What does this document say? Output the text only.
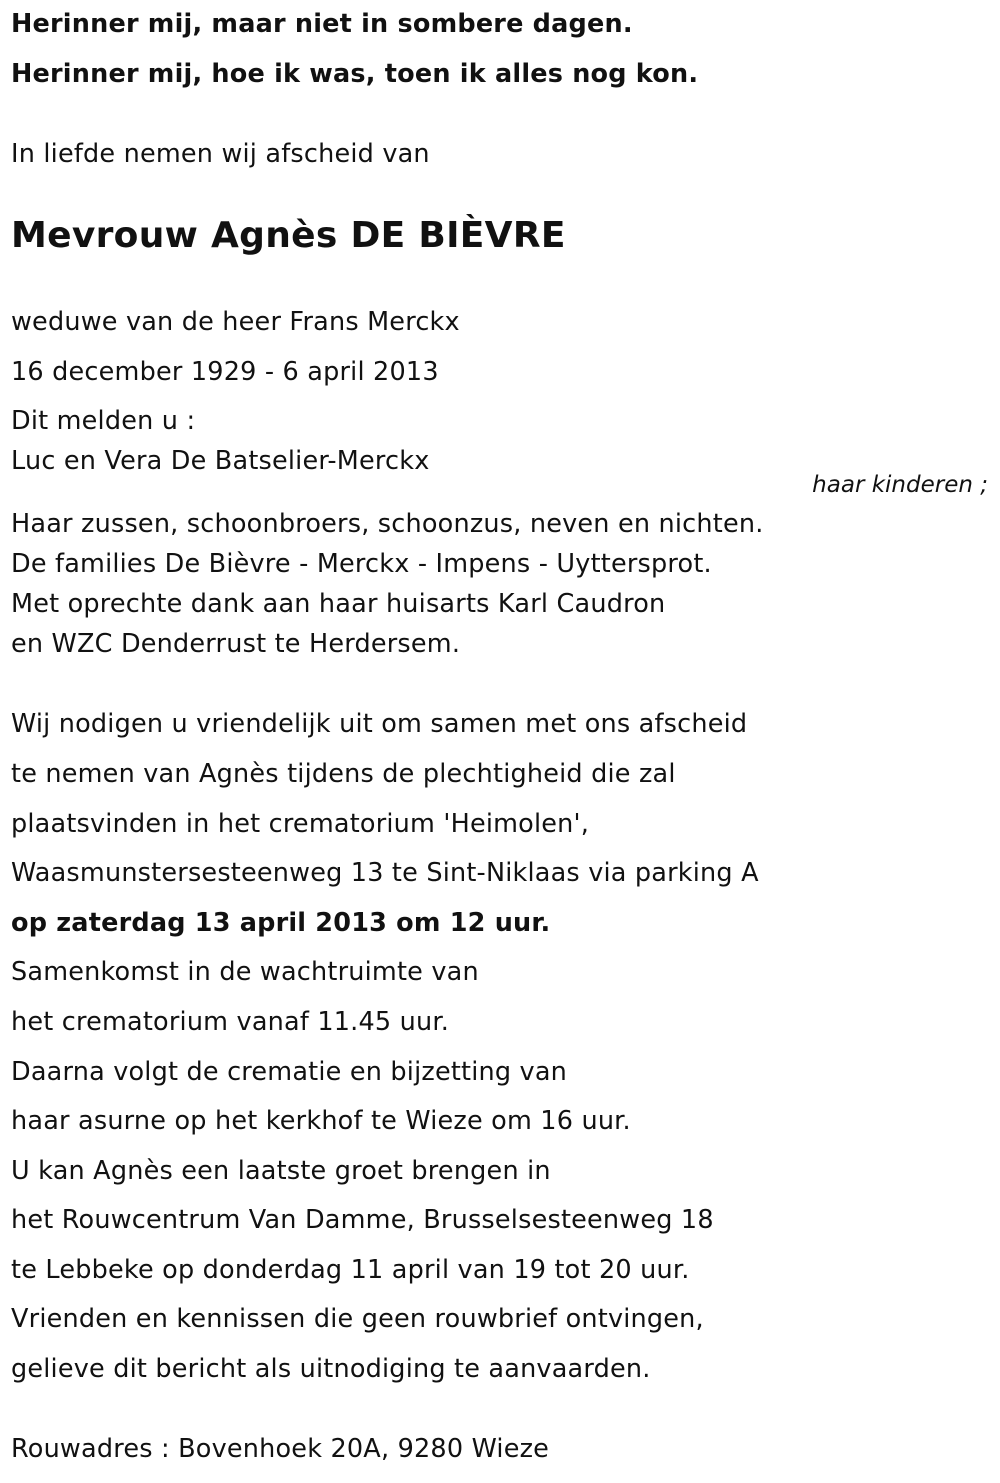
Herinner mij, maar niet in sombere dagen.
Herinner mij, hoe ik was, toen ik alles nog kon.
In liefde nemen wij afscheid van
Mevrouw Agnès DE BIÈVRE
weduwe van de heer Frans Merckx
16 december 1929 - 6 april 2013
Dit melden u :
Luc en Vera De Batselier-Merckx
haar kinderen ;
Haar zussen, schoonbroers, schoonzus, neven en nichten.
De families De Bièvre - Merckx - Impens - Uyttersprot.
Met oprechte dank aan haar huisarts Karl Caudron
en WZC Denderrust te Herdersem.
Wij nodigen u vriendelijk uit om samen met ons afscheid
te nemen van Agnès tijdens de plechtigheid die zal
plaatsvinden in het crematorium 'Heimolen',
Waasmunstersesteenweg 13 te Sint-Niklaas via parking A
op zaterdag 13 april 2013 om 12 uur.
Samenkomst in de wachtruimte van
het crematorium vanaf 11.45 uur.
Daarna volgt de crematie en bijzetting van
haar asurne op het kerkhof te Wieze om 16 uur.
U kan Agnès een laatste groet brengen in
het Rouwcentrum Van Damme, Brusselsesteenweg 18
te Lebbeke op donderdag 11 april van 19 tot 20 uur.
Vrienden en kennissen die geen rouwbrief ontvingen,
gelieve dit bericht als uitnodiging te aanvaarden.
Rouwadres : Bovenhoek 20A, 9280 Wieze
